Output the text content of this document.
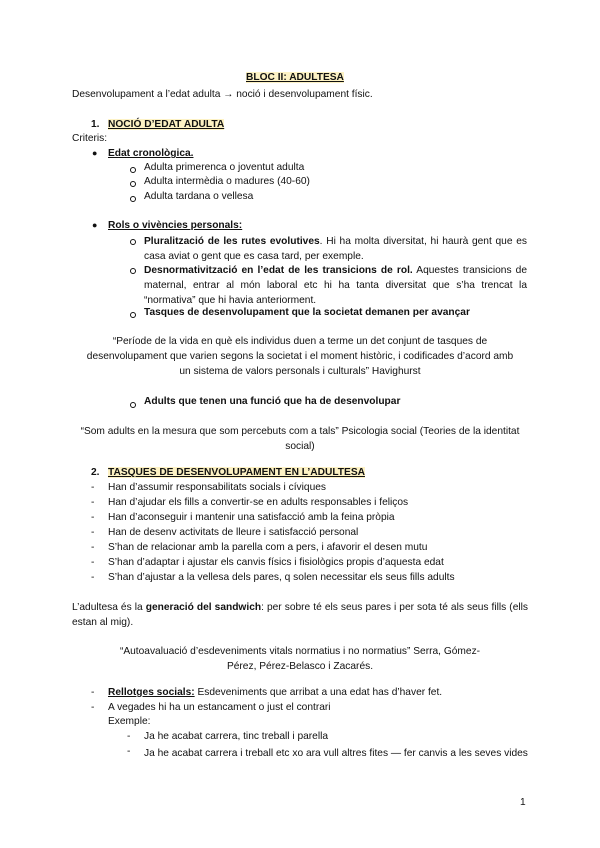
BLOC II: ADULTESA
Desenvolupament a l’edat adulta → noció i desenvolupament físic.
1. NOCIÓ D’EDAT ADULTA
Criteris:
● Edat cronològica.
Adulta primerenca o joventut adulta
Adulta intermèdia o madures (40-60)
Adulta tardana o vellesa
● Rols o vivències personals:
Pluralització de les rutes evolutives. Hi ha molta diversitat, hi haurà gent que es casa aviat o gent que es casa tard, per exemple.
Desnormativització en l’edat de les transicions de rol. Aquestes transicions de maternal, entrar al món laboral etc hi ha tanta diversitat que s’ha trencat la “normativa” que hi havia anteriorment.
Tasques de desenvolupament que la societat demanen per avançar
“Període de la vida en què els individus duen a terme un det conjunt de tasques de desenvolupament que varien segons la societat i el moment històric, i codificades d’acord amb un sistema de valors personals i culturals” Havighurst
Adults que tenen una funció que ha de desenvolupar
“Som adults en la mesura que som percebuts com a tals” Psicologia social (Teories de la identitat social)
2. TASQUES DE DESENVOLUPAMENT EN L’ADULTESA
- Han d’assumir responsabilitats socials i cíviques
- Han d’ajudar els fills a convertir-se en adults responsables i feliços
- Han d’aconseguir i mantenir una satisfacció amb la feina pròpia
- Han de desenv activitats de lleure i satisfacció personal
- S’han de relacionar amb la parella com a pers, i afavorir el desen mutu
- S’han d’adaptar i ajustar els canvis físics i fisiològics propis d’aquesta edat
- S’han d’ajustar a la vellesa dels pares, q solen necessitar els seus fills adults
L’adultesa és la generació del sandwich: per sobre té els seus pares i per sota té als seus fills (ells estan al mig).
“Autoavaluació d’esdeveniments vitals normatius i no normatius” Serra, Gómez-Pérez, Pérez-Belasco i Zacarés.
- Rellotges socials: Esdeveniments que arribat a una edat has d’haver fet.
- A vegades hi ha un estancament o just el contrari
Exemple:
- Ja he acabat carrera, tinc treball i parella
- Ja he acabat carrera i treball etc xo ara vull altres fites — fer canvis a les seves vides
1
